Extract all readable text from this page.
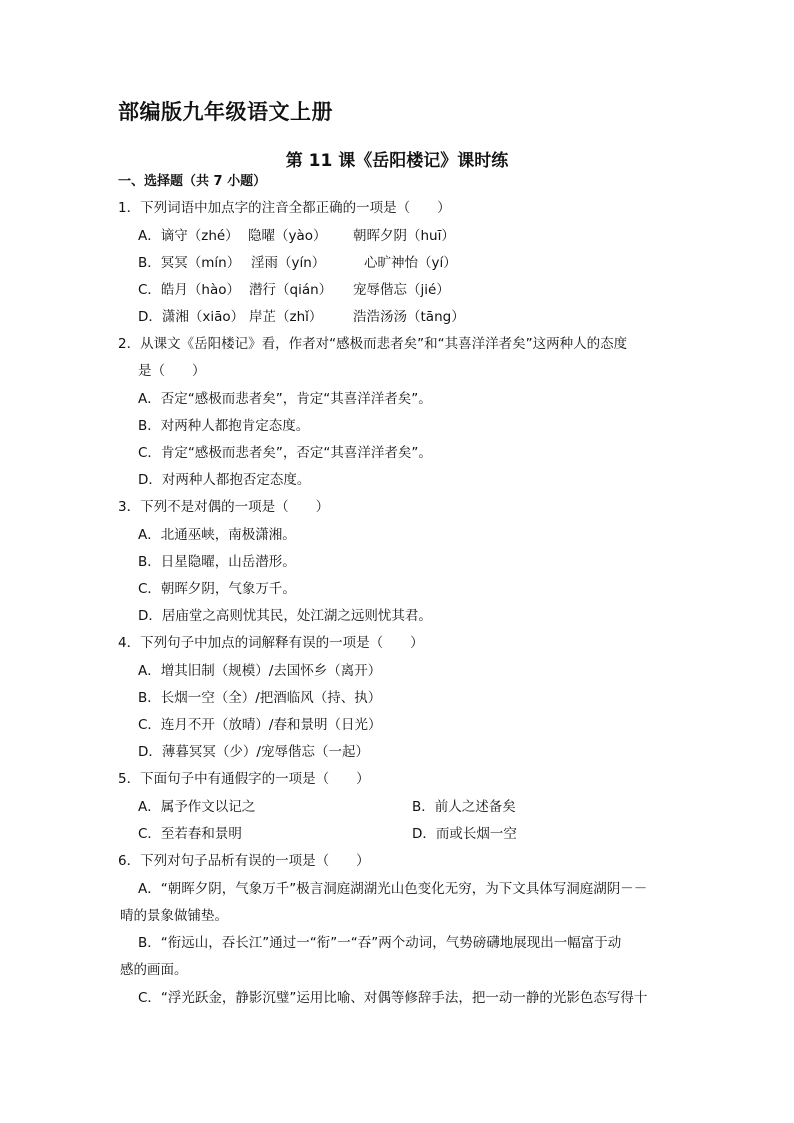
部编版九年级语文上册
第 11 课《岳阳楼记》课时练
一、选择题（共 7 小题）
1．下列词语中加点字的注音全都正确的一项是（　　）
A．谪守（zhé） 隐曜（yào） 朝晖夕阴（huī）
B．冥冥（mín） 淫雨（yín）	心旷神怡（yí）
C．皓月（hào） 潜行（qián） 宠辱偕忘（jié）
D．潇湘（xiāo） 岸芷（zhǐ） 浩浩汤汤（tāng）
2．从课文《岳阳楼记》看，作者对“感极而悲者矣”和“其喜洋洋者矣”这两种人的态度
是（　　）
A．否定“感极而悲者矣”，肯定“其喜洋洋者矣”。
B．对两种人都抱肯定态度。
C．肯定“感极而悲者矣”，否定“其喜洋洋者矣”。
D．对两种人都抱否定态度。
3．下列不是对偶的一项是（　　）
A．北通巫峡，南极潇湘。
B．日星隐曜，山岳潜形。
C．朝晖夕阴，气象万千。
D．居庙堂之高则忧其民，处江湖之远则忧其君。
4．下列句子中加点的词解释有误的一项是（　　）
A．增其旧制（规模）/去国怀乡（离开）
B．长烟一空（全）/把酒临风（持、执）
C．连月不开（放晴）/春和景明（日光）
D．薄暮冥冥（少）/宠辱偕忘（一起）
5．下面句子中有通假字的一项是（　　）
A．属予作文以记之	B．前人之述备矣
C．至若春和景明	D．而或长烟一空
6．下列对句子品析有误的一项是（　　）
A．“朝晖夕阴，气象万千”极言洞庭湖湖光山色变化无穷，为下文具体写洞庭湖阴－－
晴的景象做铺垫。
B．“衔远山，吞长江”通过一“衔”一“吞”两个动词，气势磅礴地展现出一幅富于动
感的画面。
C．“浮光跃金，静影沉璧”运用比喻、对偶等修辞手法，把一动一静的光影色态写得十
